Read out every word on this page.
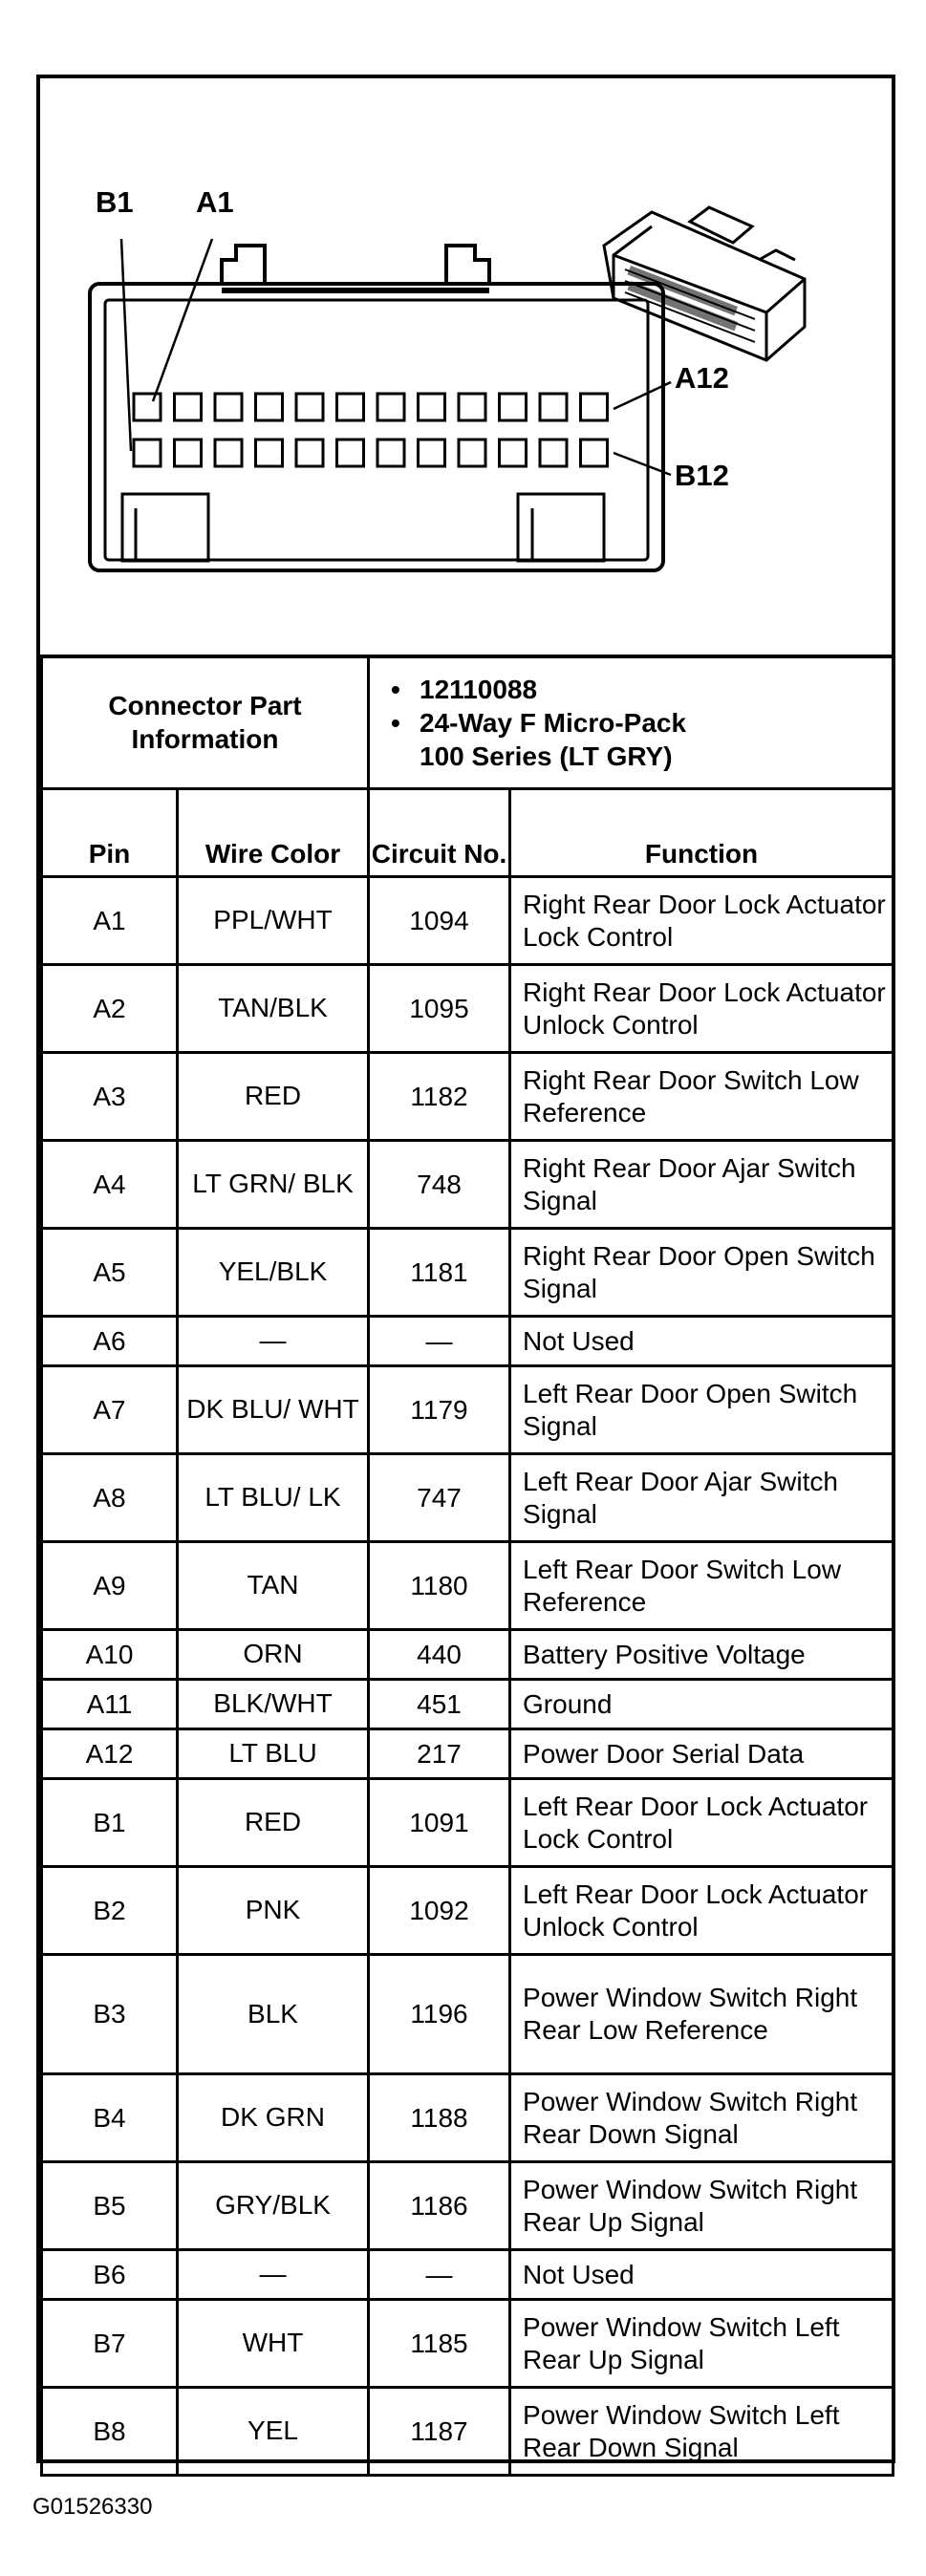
B1 A1
A12
B12
Connector Part Information		• 12110088
• 24-Way F Micro-Pack
100 Series (LT GRY)

Pin	Wire Color	Circuit No.	Function
A1	PPL/WHT	1094	Right Rear Door Lock Actuator Lock Control
A2	TAN/BLK	1095	Right Rear Door Lock Actuator Unlock Control
A3	RED	1182	Right Rear Door Switch Low Reference
A4	LT GRN/ BLK	748	Right Rear Door Ajar Switch Signal
A5	YEL/BLK	1181	Right Rear Door Open Switch Signal
A6	—	—	Not Used
A7	DK BLU/ WHT	1179	Left Rear Door Open Switch Signal
A8	LT BLU/ LK	747	Left Rear Door Ajar Switch Signal
A9	TAN	1180	Left Rear Door Switch Low Reference
A10	ORN	440	Battery Positive Voltage
A11	BLK/WHT	451	Ground
A12	LT BLU	217	Power Door Serial Data
B1	RED	1091	Left Rear Door Lock Actuator Lock Control
B2	PNK	1092	Left Rear Door Lock Actuator Unlock Control
B3	BLK	1196	Power Window Switch Right Rear Low Reference
B4	DK GRN	1188	Power Window Switch Right Rear Down Signal
B5	GRY/BLK	1186	Power Window Switch Right Rear Up Signal
B6	—	—	Not Used
B7	WHT	1185	Power Window Switch Left Rear Up Signal
B8	YEL	1187	Power Window Switch Left Rear Down Signal
G01526330
